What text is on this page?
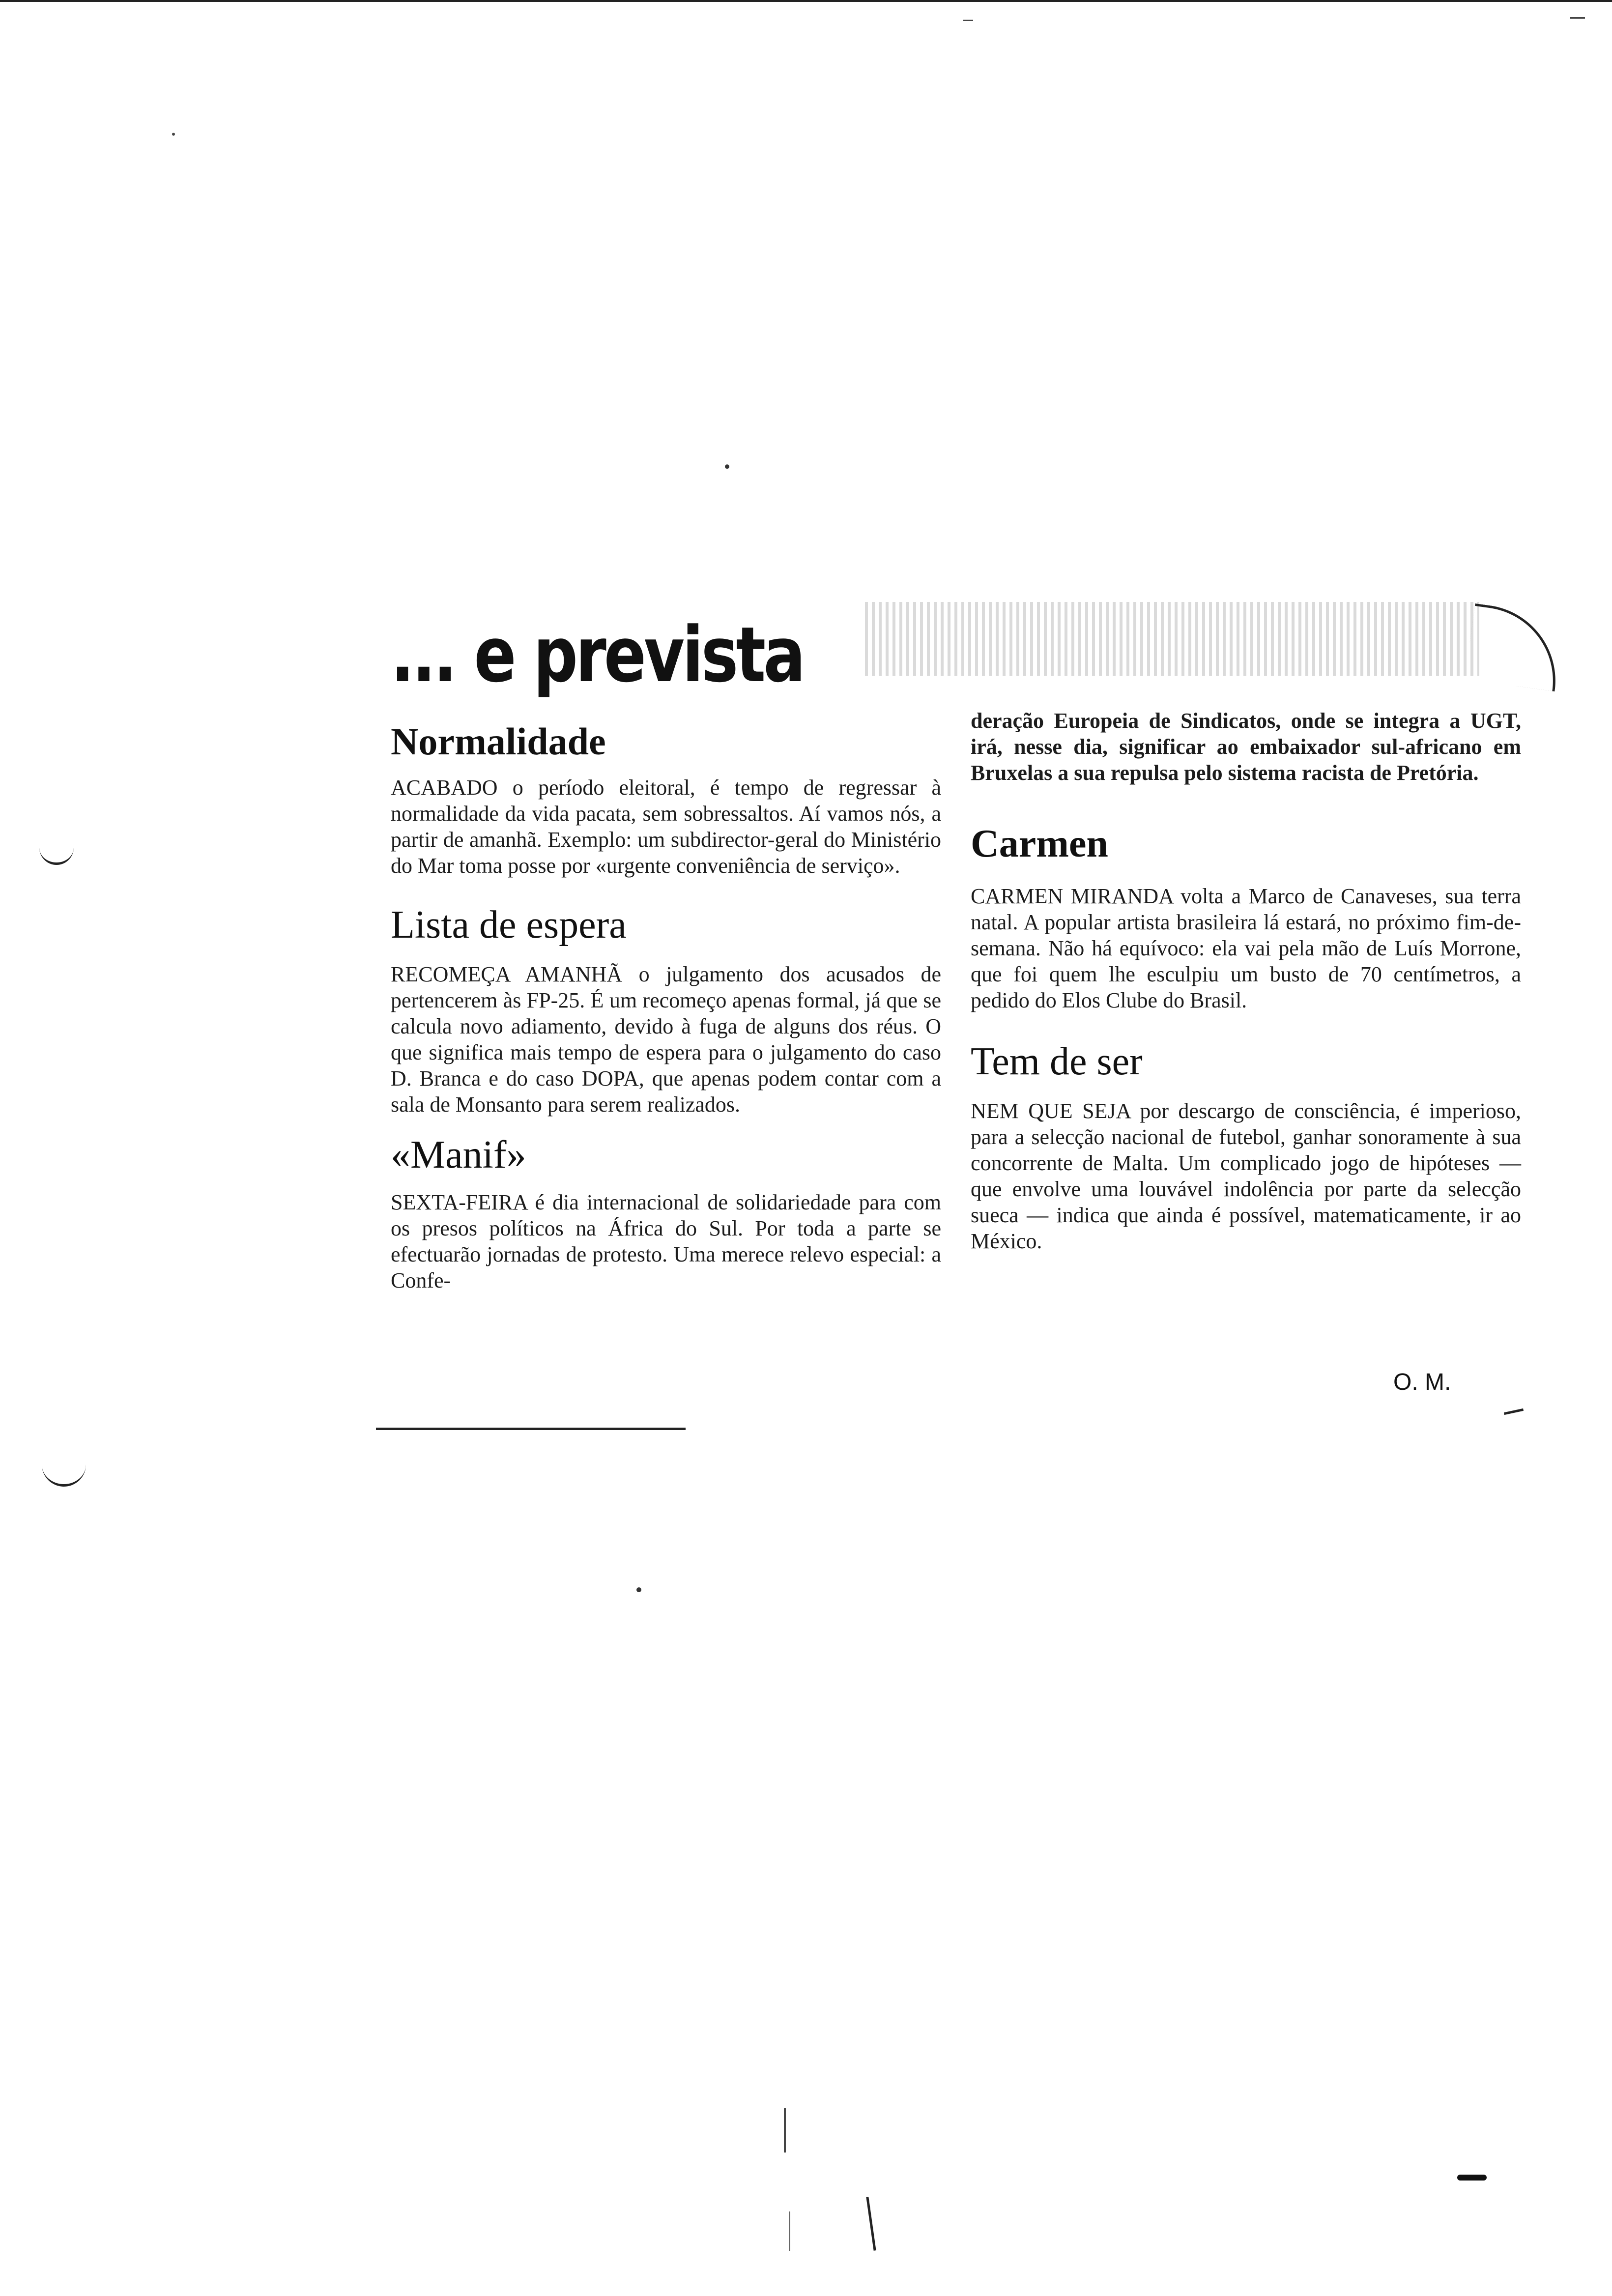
... e prevista
Normalidade

ACABADO o período eleitoral, é tempo de regressar à normalidade da vida pacata, sem sobressaltos. Aí vamos nós, a partir de amanhã. Exemplo: um subdirector-geral do Ministério do Mar toma posse por «urgente conveniência de serviço».

Lista de espera

RECOMEÇA AMANHÃ o julgamento dos acusados de pertencerem às FP-25. É um recomeço apenas formal, já que se calcula novo adiamento, devido à fuga de alguns dos réus. O que significa mais tempo de espera para o julgamento do caso D. Branca e do caso DOPA, que apenas podem contar com a sala de Monsanto para serem realizados.

«Manif»

SEXTA-FEIRA é dia internacional de solidariedade para com os presos políticos na África do Sul. Por toda a parte se efectuarão jornadas de protesto. Uma merece relevo especial: a Confe-

deração Europeia de Sindicatos, onde se integra a UGT, irá, nesse dia, significar ao embaixador sul-africano em Bruxelas a sua repulsa pelo sistema racista de Pretória.

Carmen

CARMEN MIRANDA volta a Marco de Canaveses, sua terra natal. A popular artista brasileira lá estará, no próximo fim-de-semana. Não há equívoco: ela vai pela mão de Luís Morrone, que foi quem lhe esculpiu um busto de 70 centímetros, a pedido do Elos Clube do Brasil.

Tem de ser

NEM QUE SEJA por descargo de consciência, é imperioso, para a selecção nacional de futebol, ganhar sonoramente à sua concorrente de Malta. Um complicado jogo de hipóteses — que envolve uma louvável indolência por parte da selecção sueca — indica que ainda é possível, matematicamente, ir ao México.

O. M.
